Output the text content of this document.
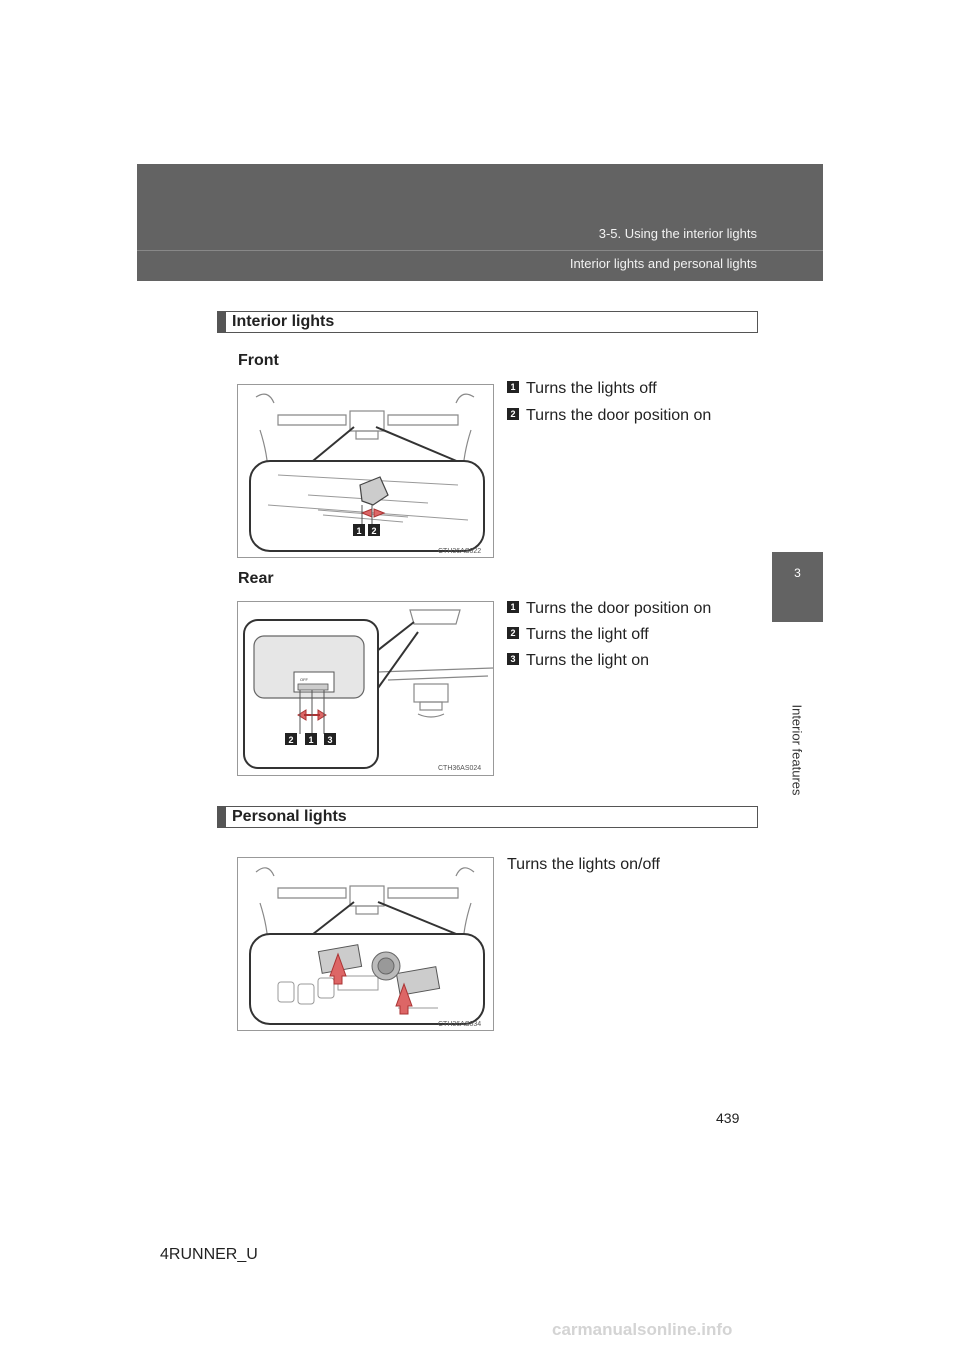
3-5. Using the interior lights
Interior lights and personal lights
3
Interior features
Interior lights
Front
1 2
CTH36AS022
1 Turns the lights off
2 Turns the door position on
Rear
OFF
2 1 3
CTH36AS024
1 Turns the door position on
2 Turns the light off
3 Turns the light on
Personal lights
CTH36AS034
Turns the lights on/off
439
4RUNNER_U
carmanualsonline.info
